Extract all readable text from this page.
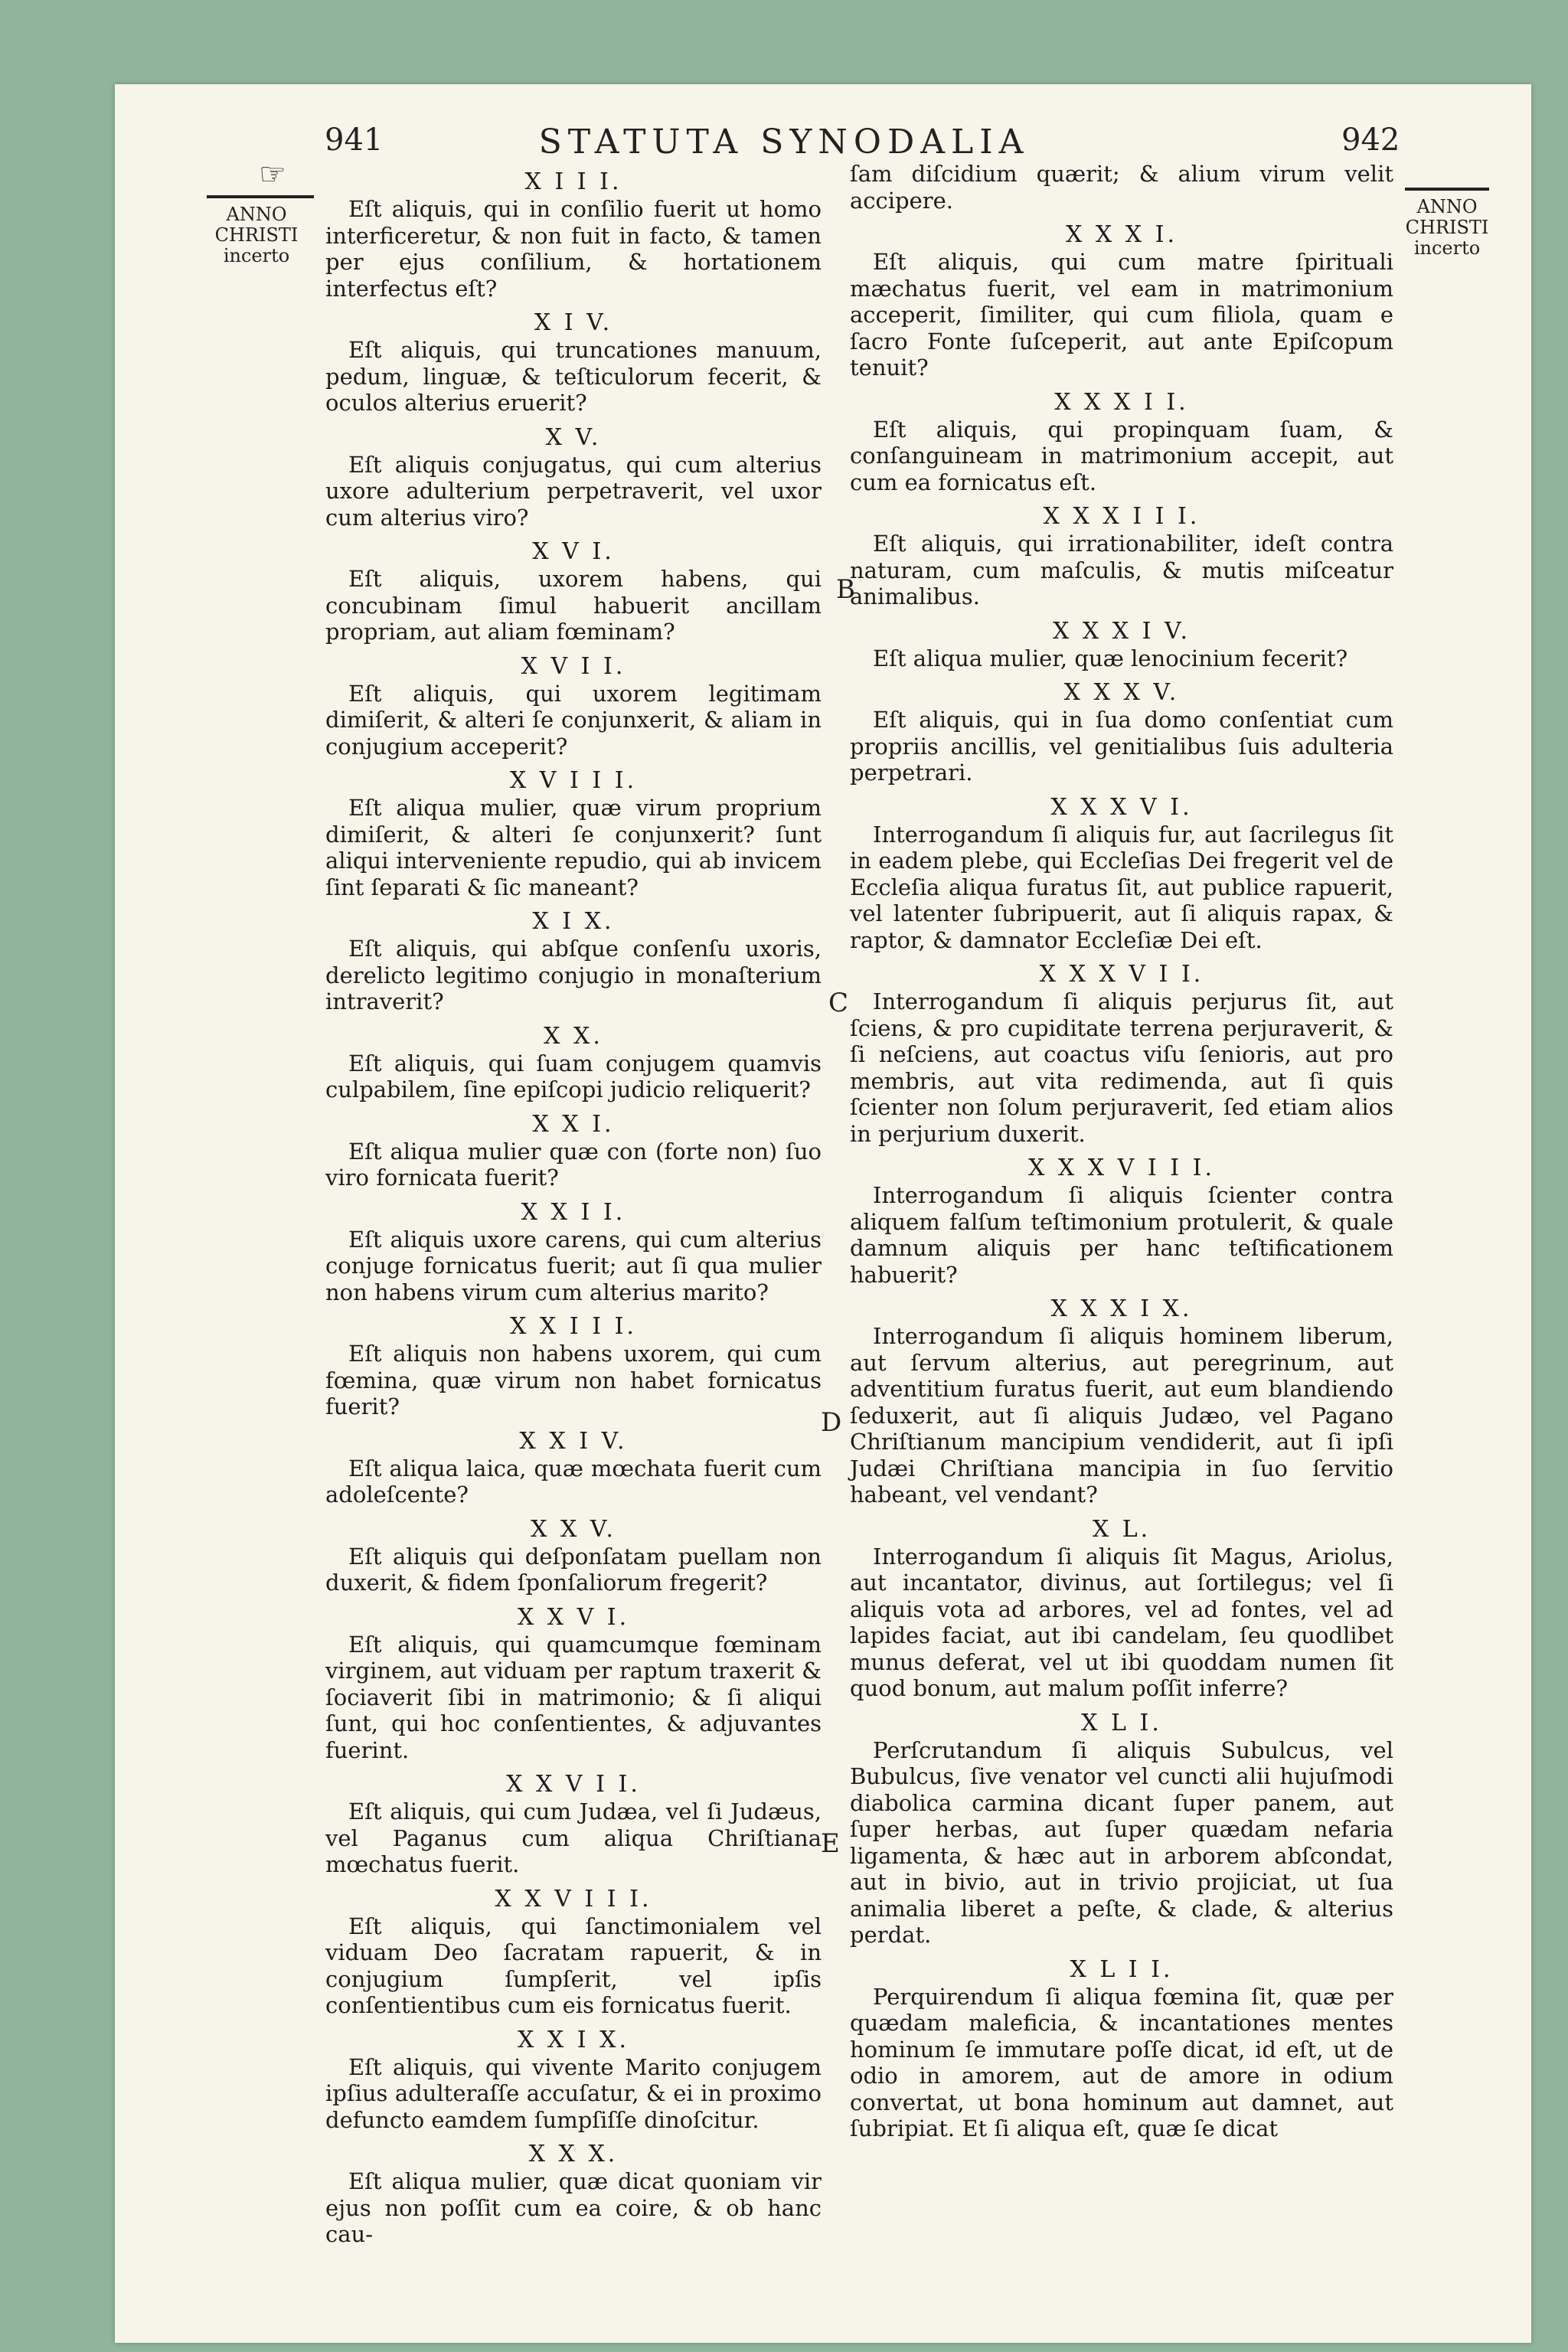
941	STATUTA SYNODALIA	942
☞
ANNO
CHRISTI
incerto
ANNO
CHRISTI
incerto
B
C
D
E
X I I I.

Eſt aliquis, qui in conſilio fuerit ut homo interficeretur, & non fuit in facto, & tamen per ejus conſilium, & hortationem interfectus eſt?

X I V.

Eſt aliquis, qui truncationes manuum, pedum, linguæ, & teſticulorum fecerit, & oculos alterius eruerit?

X V.

Eſt aliquis conjugatus, qui cum alterius uxore adulterium perpetraverit, vel uxor cum alterius viro?

X V I.

Eſt aliquis, uxorem habens, qui concubinam ſimul habuerit ancillam propriam, aut aliam fœminam?

X V I I.

Eſt aliquis, qui uxorem legitimam dimiſerit, & alteri ſe conjunxerit, & aliam in conjugium acceperit?

X V I I I.

Eſt aliqua mulier, quæ virum proprium dimiſerit, & alteri ſe conjunxerit? ſunt aliqui interveniente repudio, qui ab invicem ſint ſeparati & ſic maneant?

X I X.

Eſt aliquis, qui abſque conſenſu uxoris, derelicto legitimo conjugio in monaſterium intraverit?

X X.

Eſt aliquis, qui ſuam conjugem quamvis culpabilem, ſine epiſcopi judicio reliquerit?

X X I.

Eſt aliqua mulier quæ con (forte non) ſuo viro fornicata fuerit?

X X I I.

Eſt aliquis uxore carens, qui cum alterius conjuge fornicatus fuerit; aut ſi qua mulier non habens virum cum alterius marito?

X X I I I.

Eſt aliquis non habens uxorem, qui cum fœmina, quæ virum non habet fornicatus fuerit?

X X I V.

Eſt aliqua laica, quæ mœchata fuerit cum adoleſcente?

X X V.

Eſt aliquis qui deſponſatam puellam non duxerit, & fidem ſponſaliorum fregerit?

X X V I.

Eſt aliquis, qui quamcumque fœminam virginem, aut viduam per raptum traxerit & ſociaverit ſibi in matrimonio; & ſi aliqui ſunt, qui hoc conſentientes, & adjuvantes fuerint.

X X V I I.

Eſt aliquis, qui cum Judæa, vel ſi Judæus, vel Paganus cum aliqua Chriſtiana mœchatus fuerit.

X X V I I I.

Eſt aliquis, qui ſanctimonialem vel viduam Deo ſacratam rapuerit, & in conjugium ſumpſerit, vel ipſis conſentientibus cum eis fornicatus fuerit.

X X I X.

Eſt aliquis, qui vivente Marito conjugem ipſius adulteraſſe accuſatur, & ei in proximo defuncto eamdem ſumpſiſſe dinoſcitur.

X X X.

Eſt aliqua mulier, quæ dicat quoniam vir ejus non poſſit cum ea coire, & ob hanc cau-

ſam diſcidium quærit; & alium virum velit accipere.

X X X I.

Eſt aliquis, qui cum matre ſpirituali mæchatus fuerit, vel eam in matrimonium acceperit, ſimiliter, qui cum filiola, quam e ſacro Fonte ſuſceperit, aut ante Epiſcopum tenuit?

X X X I I.

Eſt aliquis, qui propinquam ſuam, & conſanguineam in matrimonium accepit, aut cum ea fornicatus eſt.

X X X I I I.

Eſt aliquis, qui irrationabiliter, ideſt contra naturam, cum maſculis, & mutis miſceatur animalibus.

X X X I V.

Eſt aliqua mulier, quæ lenocinium fecerit?

X X X V.

Eſt aliquis, qui in ſua domo conſentiat cum propriis ancillis, vel genitialibus ſuis adulteria perpetrari.

X X X V I.

Interrogandum ſi aliquis fur, aut ſacrilegus ſit in eadem plebe, qui Eccleſias Dei fregerit vel de Eccleſia aliqua furatus ſit, aut publice rapuerit, vel latenter ſubripuerit, aut ſi aliquis rapax, & raptor, & damnator Eccleſiæ Dei eſt.

X X X V I I.

Interrogandum ſi aliquis perjurus ſit, aut ſciens, & pro cupiditate terrena perjuraverit, & ſi neſciens, aut coactus viſu ſenioris, aut pro membris, aut vita redimenda, aut ſi quis ſcienter non ſolum perjuraverit, ſed etiam alios in perjurium duxerit.

X X X V I I I.

Interrogandum ſi aliquis ſcienter contra aliquem falſum teſtimonium protulerit, & quale damnum aliquis per hanc teſtificationem habuerit?

X X X I X.

Interrogandum ſi aliquis hominem liberum, aut ſervum alterius, aut peregrinum, aut adventitium furatus fuerit, aut eum blandiendo ſeduxerit, aut ſi aliquis Judæo, vel Pagano Chriſtianum mancipium vendiderit, aut ſi ipſi Judæi Chriſtiana mancipia in ſuo ſervitio habeant, vel vendant?

X L.

Interrogandum ſi aliquis ſit Magus, Ariolus, aut incantator, divinus, aut ſortilegus; vel ſi aliquis vota ad arbores, vel ad fontes, vel ad lapides faciat, aut ibi candelam, ſeu quodlibet munus deferat, vel ut ibi quoddam numen ſit quod bonum, aut malum poſſit inferre?

X L I.

Perſcrutandum ſi aliquis Subulcus, vel Bubulcus, ſive venator vel cuncti alii hujuſmodi diabolica carmina dicant ſuper panem, aut ſuper herbas, aut ſuper quædam nefaria ligamenta, & hæc aut in arborem abſcondat, aut in bivio, aut in trivio projiciat, ut ſua animalia liberet a peſte, & clade, & alterius perdat.

X L I I.

Perquirendum ſi aliqua fœmina ſit, quæ per quædam maleficia, & incantationes mentes hominum ſe immutare poſſe dicat, id eſt, ut de odio in amorem, aut de amore in odium convertat, ut bona hominum aut damnet, aut ſubripiat. Et ſi aliqua eſt, quæ ſe dicat
